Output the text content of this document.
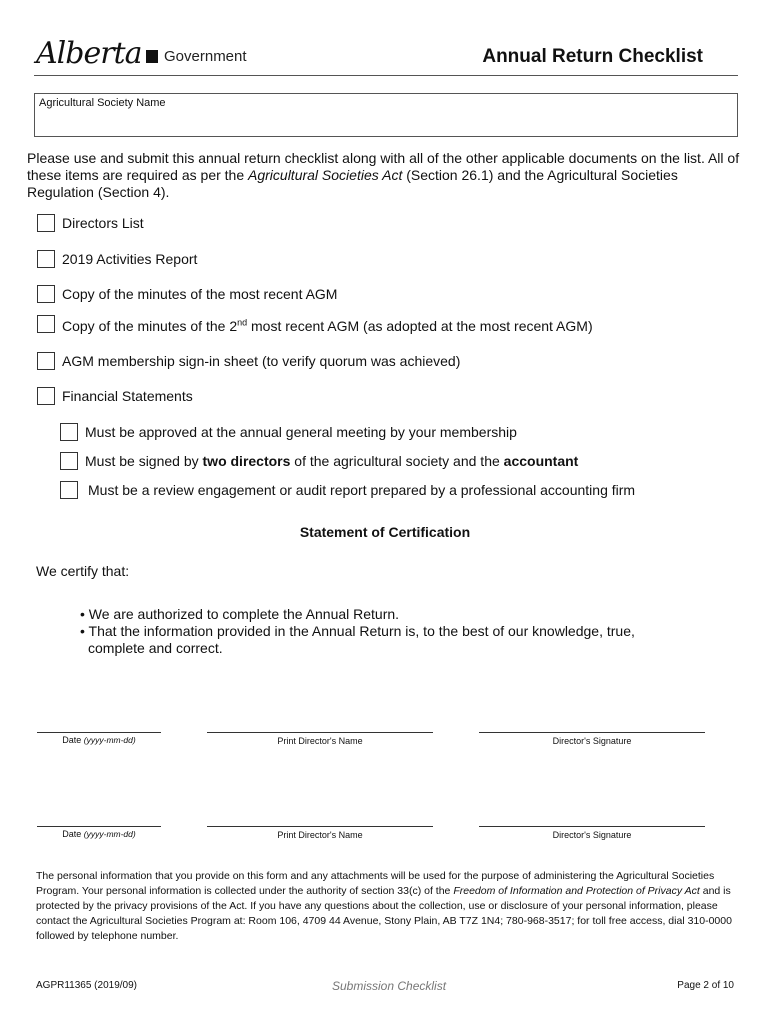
Alberta Government	Annual Return Checklist
Agricultural Society Name
Please use and submit this annual return checklist along with all of the other applicable documents on the list. All of these items are required as per the Agricultural Societies Act (Section 26.1) and the Agricultural Societies Regulation (Section 4).
Directors List
2019 Activities Report
Copy of the minutes of the most recent AGM
Copy of the minutes of the 2nd most recent AGM (as adopted at the most recent AGM)
AGM membership sign-in sheet (to verify quorum was achieved)
Financial Statements
Must be approved at the annual general meeting by your membership
Must be signed by two directors of the agricultural society and the accountant
Must be a review engagement or audit report prepared by a professional accounting firm
Statement of Certification
We certify that:
• We are authorized to complete the Annual Return.
• That the information provided in the Annual Return is, to the best of our knowledge, true, complete and correct.
Date (yyyy-mm-dd)	Print Director's Name	Director's Signature
Date (yyyy-mm-dd)	Print Director's Name	Director's Signature
The personal information that you provide on this form and any attachments will be used for the purpose of administering the Agricultural Societies Program. Your personal information is collected under the authority of section 33(c) of the Freedom of Information and Protection of Privacy Act and is protected by the privacy provisions of the Act. If you have any questions about the collection, use or disclosure of your personal information, please contact the Agricultural Societies Program at: Room 106, 4709 44 Avenue, Stony Plain, AB T7Z 1N4; 780-968-3517; for toll free access, dial 310-0000 followed by telephone number.
AGPR11365 (2019/09)	Submission Checklist	Page 2 of 10
